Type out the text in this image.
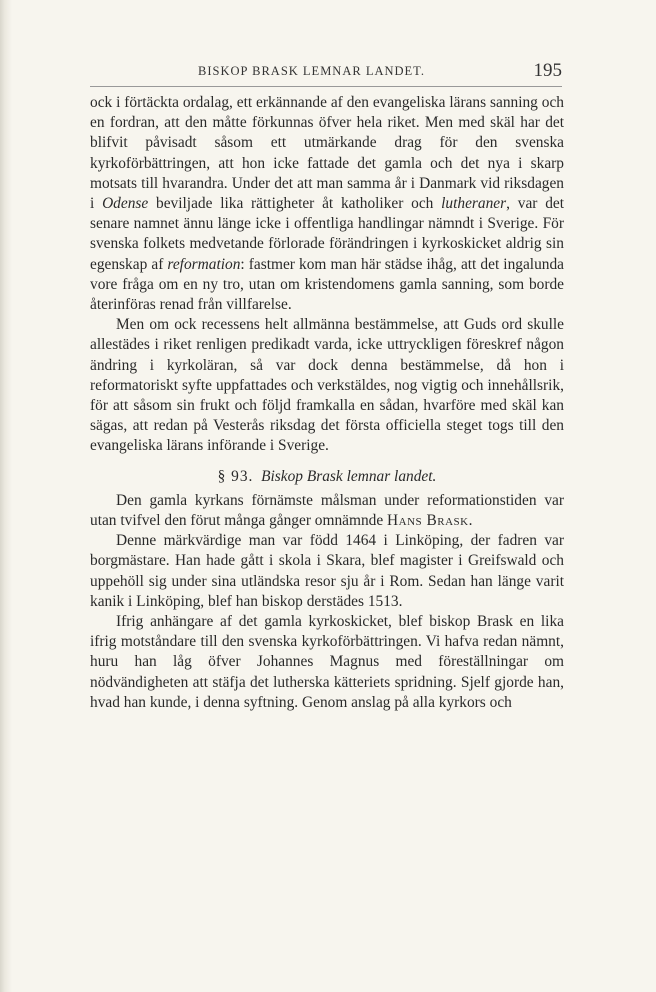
BISKOP BRASK LEMNAR LANDET.	195

ock i förtäckta ordalag, ett erkännande af den evangeliska lärans sanning och en fordran, att den måtte förkunnas öfver hela riket. Men med skäl har det blifvit påvisadt såsom ett utmärkande drag för den svenska kyrkoförbättringen, att hon icke fattade det gamla och det nya i skarp motsats till hvarandra. Under det att man samma år i Danmark vid riksdagen i Odense beviljade lika rättigheter åt katholiker och lutheraner, var det senare namnet ännu länge icke i offentliga handlingar nämndt i Sverige. För svenska folkets medvetande förlorade förändringen i kyrkoskicket aldrig sin egenskap af reformation: fastmer kom man här städse ihåg, att det ingalunda vore fråga om en ny tro, utan om kristendomens gamla sanning, som borde återinföras renad från villfarelse.

Men om ock recessens helt allmänna bestämmelse, att Guds ord skulle allestädes i riket renligen predikadt varda, icke uttryckligen föreskref någon ändring i kyrkoläran, så var dock denna bestämmelse, då hon i reformatoriskt syfte uppfattades och verkstäldes, nog vigtig och innehållsrik, för att såsom sin frukt och följd framkalla en sådan, hvarföre med skäl kan sägas, att redan på Vesterås riksdag det första officiella steget togs till den evangeliska lärans införande i Sverige.

§ 93. Biskop Brask lemnar landet.

Den gamla kyrkans förnämste målsman under reformationstiden var utan tvifvel den förut många gånger omnämnde Hans Brask.

Denne märkvärdige man var född 1464 i Linköping, der fadren var borgmästare. Han hade gått i skola i Skara, blef magister i Greifswald och uppehöll sig under sina utländska resor sju år i Rom. Sedan han länge varit kanik i Linköping, blef han biskop derstädes 1513.

Ifrig anhängare af det gamla kyrkoskicket, blef biskop Brask en lika ifrig motståndare till den svenska kyrkoförbättringen. Vi hafva redan nämnt, huru han låg öfver Johannes Magnus med föreställningar om nödvändigheten att stäfja det lutherska kätteriets spridning. Sjelf gjorde han, hvad han kunde, i denna syftning. Genom anslag på alla kyrkors och
